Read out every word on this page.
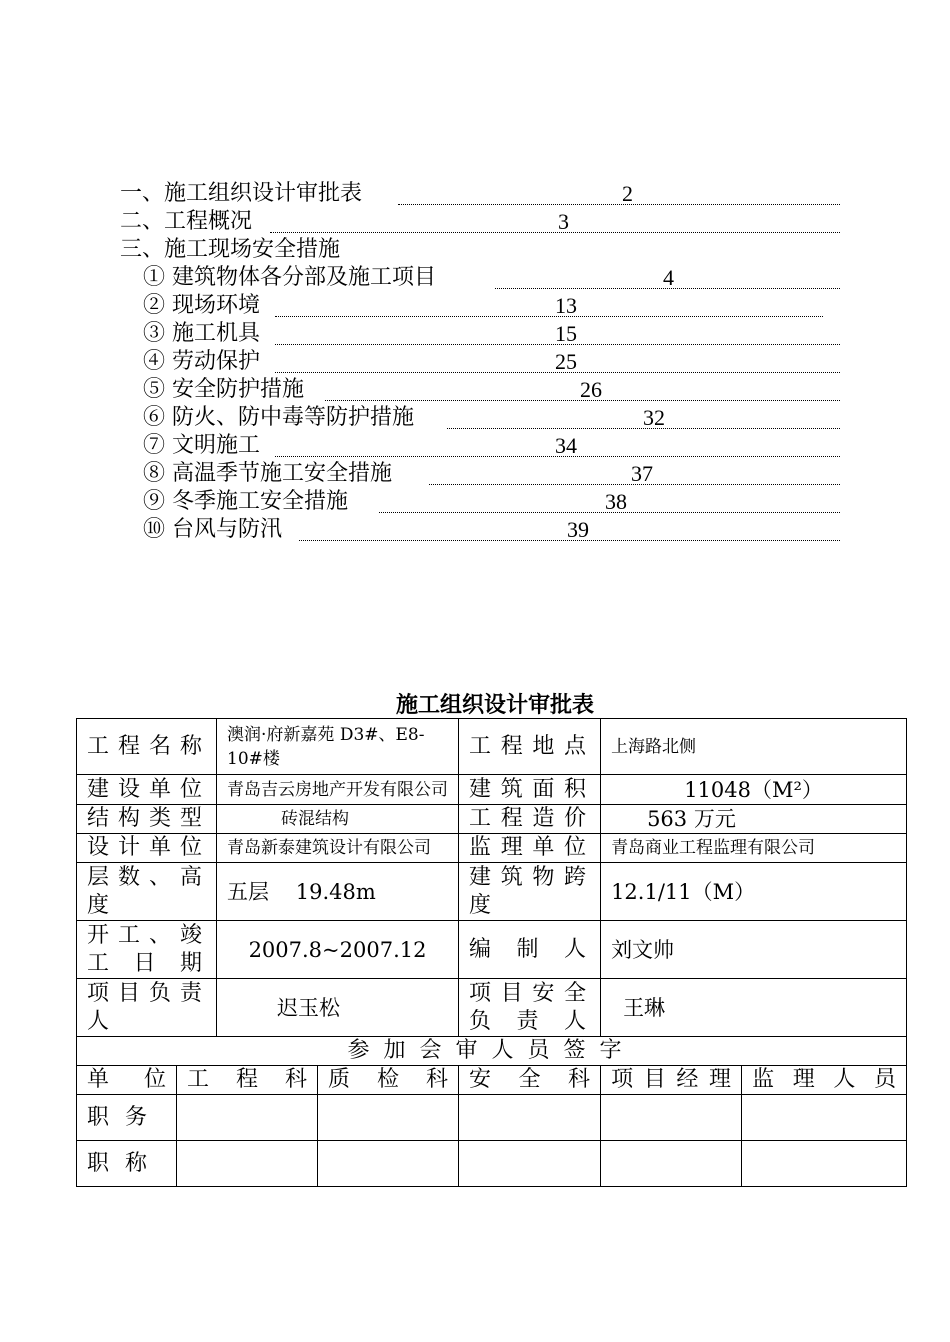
一、施工组织设计审批表	2
二、工程概况	3
三、施工现场安全措施
① 建筑物体各分部及施工项目	4
② 现场环境	13
③ 施工机具	15
④ 劳动保护	25
⑤ 安全防护措施	26
⑥ 防火、防中毒等防护措施	32
⑦ 文明施工	34
⑧ 高温季节施工安全措施	37
⑨ 冬季施工安全措施	38
⑩ 台风与防汛	39
施工组织设计审批表
工程名称		澳润·府新嘉苑 D3#、E8-10#楼		工程地点	上海路北侧	

建设单位		青岛吉云房地产开发有限公司		建筑面积	11048（M²）	

结构类型		砖混结构		工程造价	563 万元	

设计单位		青岛新泰建筑设计有限公司		监理单位	青岛商业工程监理有限公司	

层数、高度		五层    19.48m		建筑物跨度	12.1/11（M）	

开工、竣工日期		2007.8~2007.12		编制人	刘文帅	

项目负责人		迟玉松		项目安全负责人	王琳	

参加会审人员签字						

单位	工程科		质检科	安全科	项目经理	监理人员

职务						

职称						
